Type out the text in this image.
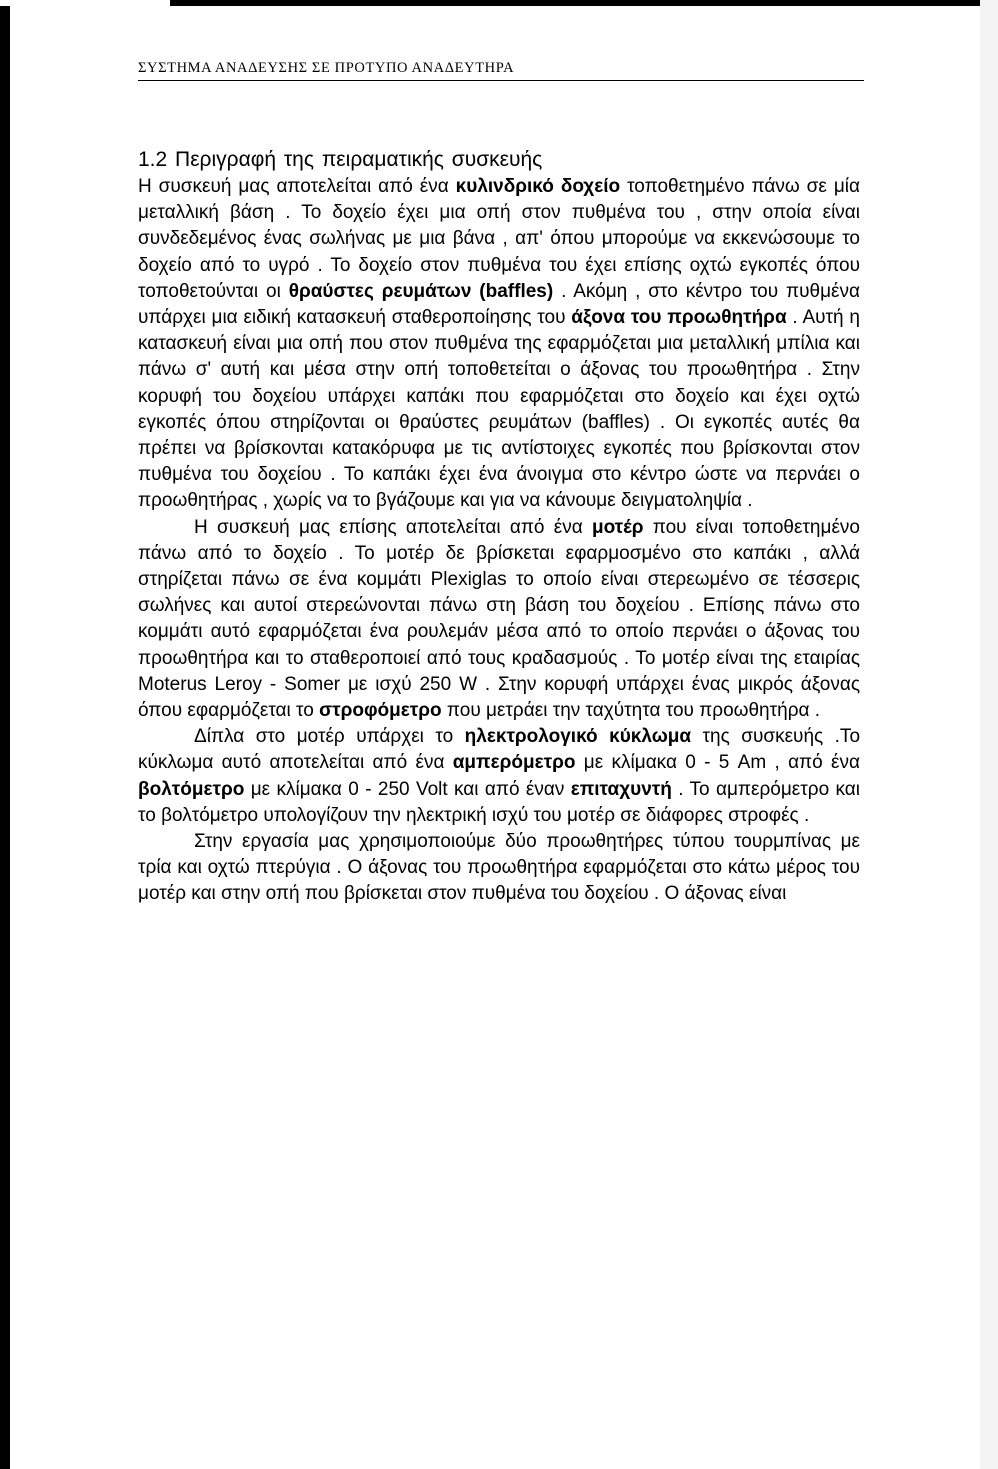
ΣΥΣΤΗΜΑ ΑΝΑΔΕΥΣΗΣ ΣΕ ΠΡΟΤΥΠΟ ΑΝΑΔΕΥΤΗΡΑ
1.2 Περιγραφή της πειραματικής συσκευής

Η συσκευή μας αποτελείται από ένα κυλινδρικό δοχείο τοποθετημένο πάνω σε μία μεταλλική βάση . Το δοχείο έχει μια οπή στον πυθμένα του , στην οποία είναι συνδεδεμένος ένας σωλήνας με μια βάνα , απ' όπου μπορούμε να εκκενώσουμε το δοχείο από το υγρό . Το δοχείο στον πυθμένα του έχει επίσης οχτώ εγκοπές όπου τοποθετούνται οι θραύστες ρευμάτων (baffles) . Ακόμη , στο κέντρο του πυθμένα υπάρχει μια ειδική κατασκευή σταθεροποίησης του άξονα του προωθητήρα . Αυτή η κατασκευή είναι μια οπή που στον πυθμένα της εφαρμόζεται μια μεταλλική μπίλια και πάνω σ' αυτή και μέσα στην οπή τοποθετείται ο άξονας του προωθητήρα . Στην κορυφή του δοχείου υπάρχει καπάκι που εφαρμόζεται στο δοχείο και έχει οχτώ εγκοπές όπου στηρίζονται οι θραύστες ρευμάτων (baffles) . Οι εγκοπές αυτές θα πρέπει να βρίσκονται κατακόρυφα με τις αντίστοιχες εγκοπές που βρίσκονται στον πυθμένα του δοχείου . Το καπάκι έχει ένα άνοιγμα στο κέντρο ώστε να περνάει ο προωθητήρας , χωρίς να το βγάζουμε και για να κάνουμε δειγματοληψία .

Η συσκευή μας επίσης αποτελείται από ένα μοτέρ που είναι τοποθετημένο πάνω από το δοχείο . Το μοτέρ δε βρίσκεται εφαρμοσμένο στο καπάκι , αλλά στηρίζεται πάνω σε ένα κομμάτι Plexiglas το οποίο είναι στερεωμένο σε τέσσερις σωλήνες και αυτοί στερεώνονται πάνω στη βάση του δοχείου . Επίσης πάνω στο κομμάτι αυτό εφαρμόζεται ένα ρουλεμάν μέσα από το οποίο περνάει ο άξονας του προωθητήρα και το σταθεροποιεί από τους κραδασμούς . Το μοτέρ είναι της εταιρίας Moterus Leroy - Somer με ισχύ 250 W . Στην κορυφή υπάρχει ένας μικρός άξονας όπου εφαρμόζεται το στροφόμετρο που μετράει την ταχύτητα του προωθητήρα .

Δίπλα στο μοτέρ υπάρχει το ηλεκτρολογικό κύκλωμα της συσκευής .Το κύκλωμα αυτό αποτελείται από ένα αμπερόμετρο με κλίμακα 0 - 5 Am , από ένα βολτόμετρο με κλίμακα 0 - 250 Volt και από έναν επιταχυντή . Το αμπερόμετρο και το βολτόμετρο υπολογίζουν την ηλεκτρική ισχύ του μοτέρ σε διάφορες στροφές .

Στην εργασία μας χρησιμοποιούμε δύο προωθητήρες τύπου τουρμπίνας με τρία και οχτώ πτερύγια . Ο άξονας του προωθητήρα εφαρμόζεται στο κάτω μέρος του μοτέρ και στην οπή που βρίσκεται στον πυθμένα του δοχείου . Ο άξονας είναι
